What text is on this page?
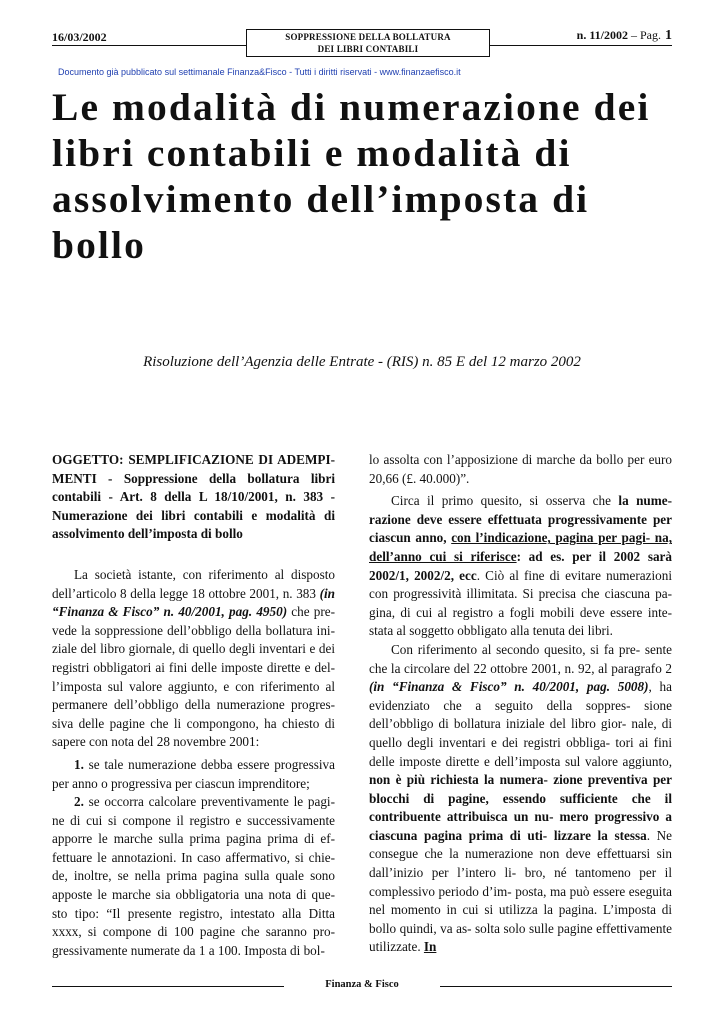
16/03/2002	SOPPRESSIONE DELLA BOLLATURA
DEI LIBRI CONTABILI
n. 11/2002 – Pag. 1
Documento già pubblicato sul settimanale Finanza&Fisco - Tutti i diritti riservati - www.finanzaefisco.it
Le modalità di numerazione dei libri contabili e modalità di assolvimento dell’imposta di bollo
Risoluzione dell’Agenzia delle Entrate - (RIS) n. 85 E del 12 marzo 2002

OGGETTO: SEMPLIFICAZIONE DI ADEMPI- MENTI - Soppressione della bollatura libri contabili - Art. 8 della L 18/10/2001, n. 383 - Numerazione dei libri contabili e modalità di assolvimento dell’imposta di bollo

La società istante, con riferimento al disposto dell’articolo 8 della legge 18 ottobre 2001, n. 383 (in “Finanza & Fisco” n. 40/2001, pag. 4950) che pre- vede la soppressione dell’obbligo della bollatura ini- ziale del libro giornale, di quello degli inventari e dei registri obbligatori ai fini delle imposte dirette e del- l’imposta sul valore aggiunto, e con riferimento al permanere dell’obbligo della numerazione progres- siva delle pagine che li compongono, ha chiesto di sapere con nota del 28 novembre 2001:

1. se tale numerazione debba essere progressiva per anno o progressiva per ciascun imprenditore;

2. se occorra calcolare preventivamente le pagi- ne di cui si compone il registro e successivamente apporre le marche sulla prima pagina prima di ef- fettuare le annotazioni. In caso affermativo, si chie- de, inoltre, se nella prima pagina sulla quale sono apposte le marche sia obbligatoria una nota di que- sto tipo: “Il presente registro, intestato alla Ditta xxxx, si compone di 100 pagine che saranno pro- gressivamente numerate da 1 a 100. Imposta di bol-

lo assolta con l’apposizione di marche da bollo per euro 20,66 (£. 40.000)”.

Circa il primo quesito, si osserva che la nume- razione deve essere effettuata progressivamente per ciascun anno, con l’indicazione, pagina per pagi- na, dell’anno cui si riferisce: ad es. per il 2002 sarà 2002/1, 2002/2, ecc. Ciò al fine di evitare numerazioni con progressività illimitata. Si precisa che ciascuna pa- gina, di cui al registro a fogli mobili deve essere inte- stata al soggetto obbligato alla tenuta dei libri.

Con riferimento al secondo quesito, si fa pre- sente che la circolare del 22 ottobre 2001, n. 92, al paragrafo 2 (in “Finanza & Fisco” n. 40/2001, pag. 5008), ha evidenziato che a seguito della soppres- sione dell’obbligo di bollatura iniziale del libro gior- nale, di quello degli inventari e dei registri obbliga- tori ai fini delle imposte dirette e dell’imposta sul valore aggiunto, non è più richiesta la numera- zione preventiva per blocchi di pagine, essendo sufficiente che il contribuente attribuisca un nu- mero progressivo a ciascuna pagina prima di uti- lizzare la stessa. Ne consegue che la numerazione non deve effettuarsi sin dall’inizio per l’intero li- bro, né tantomeno per il complessivo periodo d’im- posta, ma può essere eseguita nel momento in cui si utilizza la pagina. L’imposta di bollo quindi, va as- solta solo sulle pagine effettivamente utilizzate. In

Finanza & Fisco
